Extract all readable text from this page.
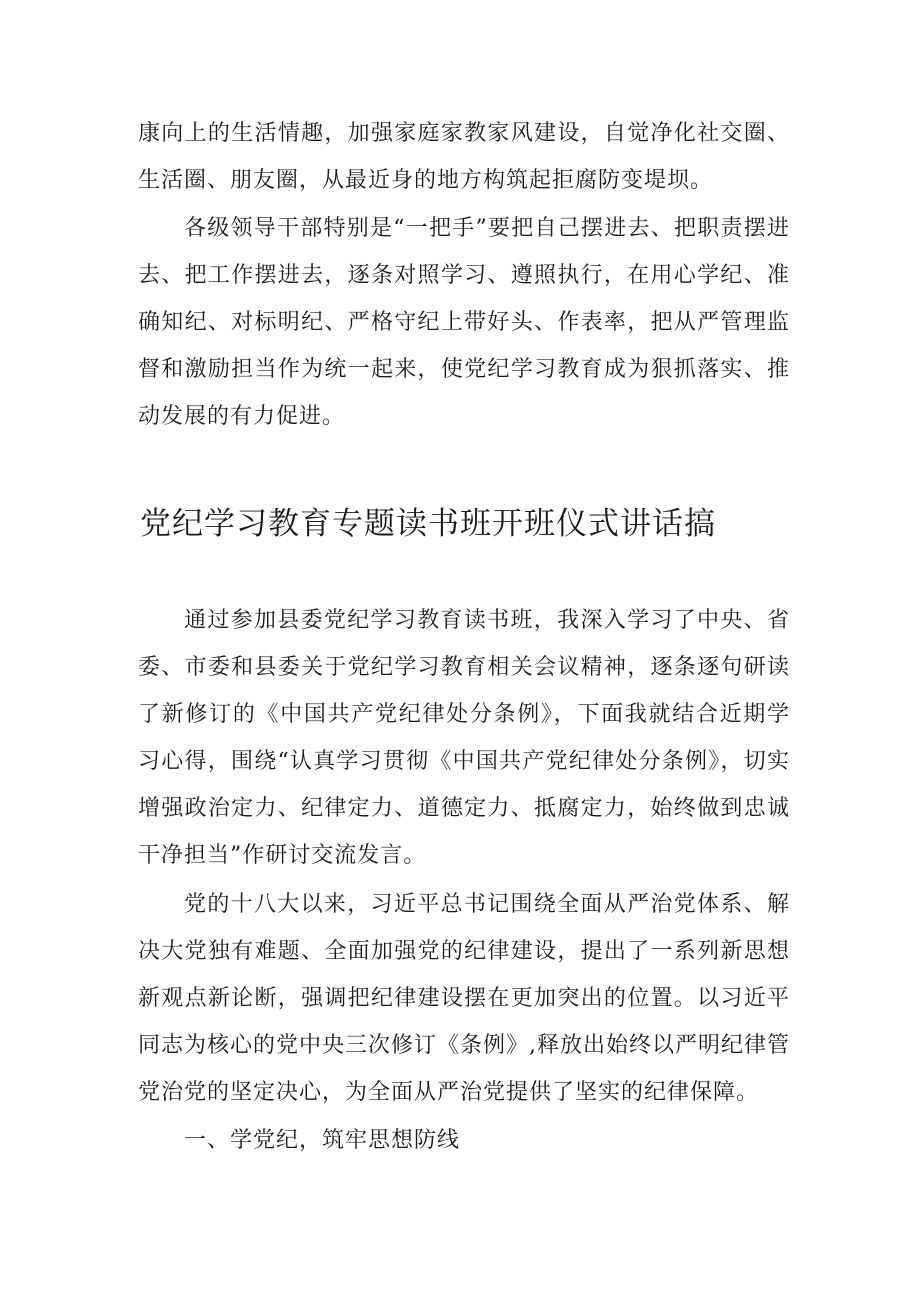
康向上的生活情趣，加强家庭家教家风建设，自觉净化社交圈、生活圈、朋友圈，从最近身的地方构筑起拒腐防变堤坝。

各级领导干部特别是“一把手”要把自己摆进去、把职责摆进去、把工作摆进去，逐条对照学习、遵照执行，在用心学纪、准确知纪、对标明纪、严格守纪上带好头、作表率，把从严管理监督和激励担当作为统一起来，使党纪学习教育成为狠抓落实、推动发展的有力促进。

党纪学习教育专题读书班开班仪式讲话搞

通过参加县委党纪学习教育读书班，我深入学习了中央、省委、市委和县委关于党纪学习教育相关会议精神，逐条逐句研读了新修订的《中国共产党纪律处分条例》，下面我就结合近期学习心得，围绕“认真学习贯彻《中国共产党纪律处分条例》，切实增强政治定力、纪律定力、道德定力、抵腐定力，始终做到忠诚干净担当”作研讨交流发言。

党的十八大以来，习近平总书记围绕全面从严治党体系、解决大党独有难题、全面加强党的纪律建设，提出了一系列新思想新观点新论断，强调把纪律建设摆在更加突出的位置。以习近平同志为核心的党中央三次修订《条例》,释放出始终以严明纪律管党治党的坚定决心，为全面从严治党提供了坚实的纪律保障。

一、学党纪，筑牢思想防线
